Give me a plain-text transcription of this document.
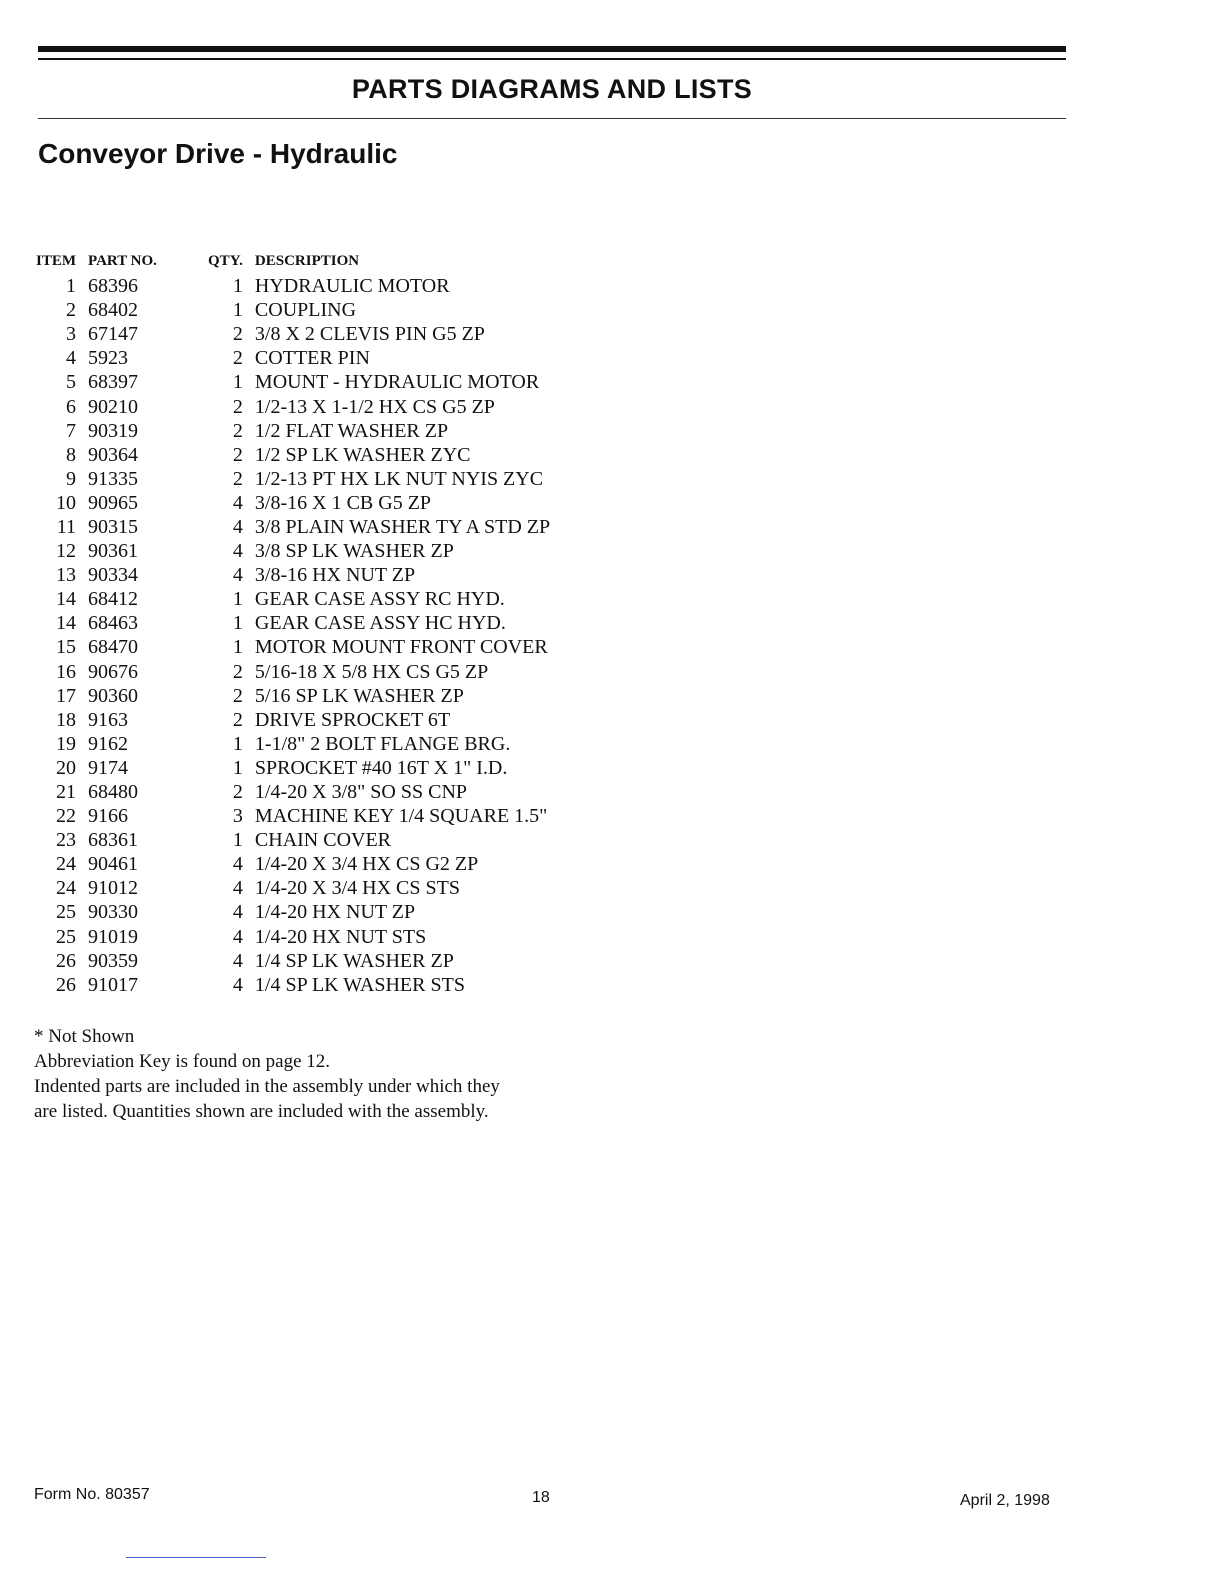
PARTS DIAGRAMS AND LISTS
Conveyor Drive - Hydraulic
ITEM	PART NO.	QTY.	DESCRIPTION
1	68396	1	HYDRAULIC MOTOR
2	68402	1	COUPLING
3	67147	2	3/8 X 2 CLEVIS PIN G5 ZP
4	5923	2	COTTER PIN
5	68397	1	MOUNT - HYDRAULIC MOTOR
6	90210	2	1/2-13 X 1-1/2 HX CS G5 ZP
7	90319	2	1/2 FLAT WASHER ZP
8	90364	2	1/2 SP LK WASHER ZYC
9	91335	2	1/2-13 PT HX LK NUT NYIS ZYC
10	90965	4	3/8-16 X 1 CB G5 ZP
11	90315	4	3/8 PLAIN WASHER TY A STD ZP
12	90361	4	3/8 SP LK WASHER ZP
13	90334	4	3/8-16 HX NUT ZP
14	68412	1	GEAR CASE ASSY RC HYD.
14	68463	1	GEAR CASE ASSY HC HYD.
15	68470	1	MOTOR MOUNT FRONT COVER
16	90676	2	5/16-18 X 5/8 HX CS G5 ZP
17	90360	2	5/16 SP LK WASHER ZP
18	9163	2	DRIVE SPROCKET 6T
19	9162	1	1-1/8" 2 BOLT FLANGE BRG.
20	9174	1	SPROCKET #40 16T X 1" I.D.
21	68480	2	1/4-20 X 3/8" SO SS CNP
22	9166	3	MACHINE KEY 1/4 SQUARE 1.5"
23	68361	1	CHAIN COVER
24	90461	4	1/4-20 X 3/4 HX CS G2 ZP
24	91012	4	1/4-20 X 3/4 HX CS STS
25	90330	4	1/4-20 HX NUT ZP
25	91019	4	1/4-20 HX NUT STS
26	90359	4	1/4 SP LK WASHER ZP
26	91017	4	1/4 SP LK WASHER STS
* Not Shown
Abbreviation Key is found on page 12.
Indented parts are included in the assembly under which they
are listed. Quantities shown are included with the assembly.
Form No. 80357	18	April 2, 1998
